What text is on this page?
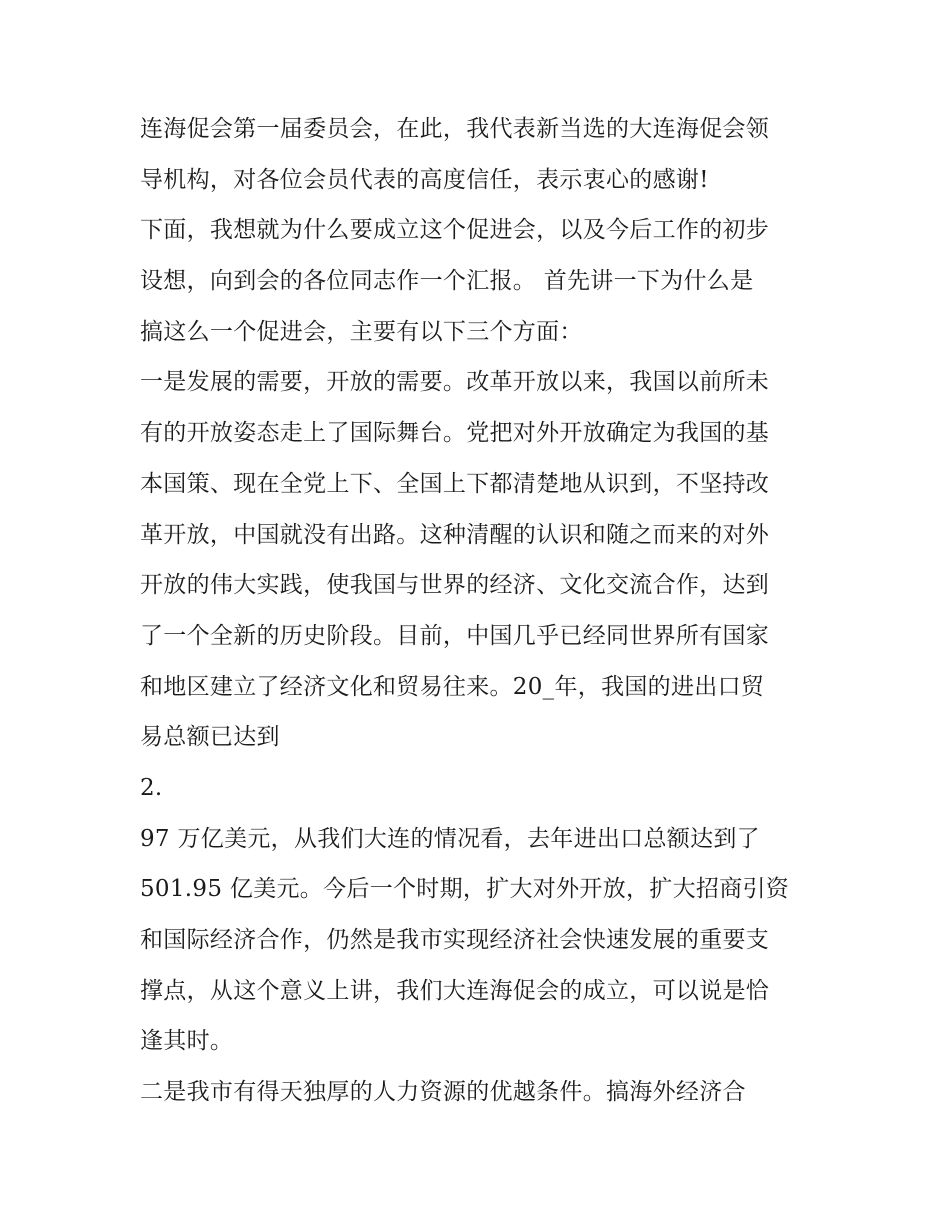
连海促会第一届委员会，在此，我代表新当选的大连海促会领
导机构，对各位会员代表的高度信任，表示衷心的感谢!
下面，我想就为什么要成立这个促进会，以及今后工作的初步
设想，向到会的各位同志作一个汇报。 首先讲一下为什么是
搞这么一个促进会，主要有以下三个方面：
一是发展的需要，开放的需要。改革开放以来，我国以前所未
有的开放姿态走上了国际舞台。党把对外开放确定为我国的基
本国策、现在全党上下、全国上下都清楚地从识到，不坚持改
革开放，中国就没有出路。这种清醒的认识和随之而来的对外
开放的伟大实践，使我国与世界的经济、文化交流合作，达到
了一个全新的历史阶段。目前，中国几乎已经同世界所有国家
和地区建立了经济文化和贸易往来。20_年，我国的进出口贸
易总额已达到
2.
97 万亿美元，从我们大连的情况看，去年进出口总额达到了
501.95 亿美元。今后一个时期，扩大对外开放，扩大招商引资
和国际经济合作，仍然是我市实现经济社会快速发展的重要支
撑点，从这个意义上讲，我们大连海促会的成立，可以说是恰
逢其时。
二是我市有得天独厚的人力资源的优越条件。搞海外经济合
